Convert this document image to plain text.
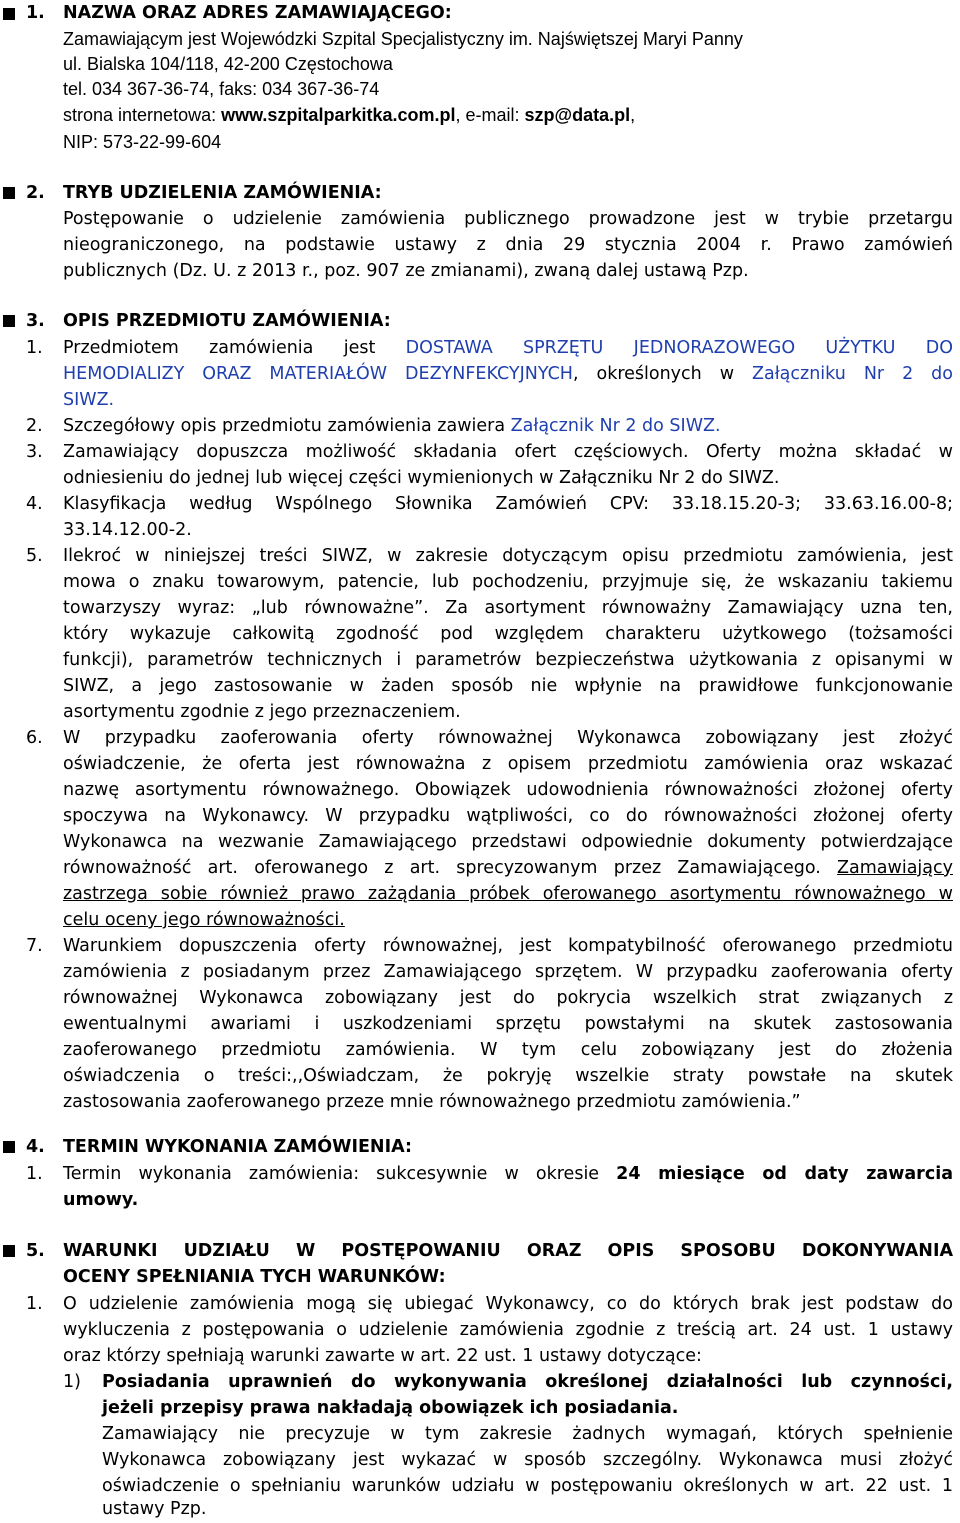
1. NAZWA ORAZ ADRES ZAMAWIAJĄCEGO:
Zamawiającym jest Wojewódzki Szpital Specjalistyczny im. Najświętszej Maryi Panny
ul. Bialska 104/118, 42-200 Częstochowa
tel. 034 367-36-74, faks: 034 367-36-74
strona internetowa: www.szpitalparkitka.com.pl, e-mail: szp@data.pl,
NIP: 573-22-99-604
2. TRYB UDZIELENIA ZAMÓWIENIA:
Postępowanie o udzielenie zamówienia publicznego prowadzone jest w trybie przetargu
nieograniczonego, na podstawie ustawy z dnia 29 stycznia 2004 r. Prawo zamówień
publicznych (Dz. U. z 2013 r., poz. 907 ze zmianami), zwaną dalej ustawą Pzp.
3. OPIS PRZEDMIOTU ZAMÓWIENIA:
1. Przedmiotem zamówienia jest DOSTAWA SPRZĘTU JEDNORAZOWEGO UŻYTKU DO
HEMODIALIZY ORAZ MATERIAŁÓW DEZYNFEKCYJNYCH, określonych w Załączniku Nr 2 do
SIWZ.
2. Szczegółowy opis przedmiotu zamówienia zawiera Załącznik Nr 2 do SIWZ.
3. Zamawiający dopuszcza możliwość składania ofert częściowych. Oferty można składać w
odniesieniu do jednej lub więcej części wymienionych w Załączniku Nr 2 do SIWZ.
4. Klasyfikacja według Wspólnego Słownika Zamówień CPV: 33.18.15.20-3; 33.63.16.00-8;
33.14.12.00-2.
5. Ilekroć w niniejszej treści SIWZ, w zakresie dotyczącym opisu przedmiotu zamówienia, jest
mowa o znaku towarowym, patencie, lub pochodzeniu, przyjmuje się, że wskazaniu takiemu
towarzyszy wyraz: „lub równoważne”. Za asortyment równoważny Zamawiający uzna ten,
który wykazuje całkowitą zgodność pod względem charakteru użytkowego (tożsamości
funkcji), parametrów technicznych i parametrów bezpieczeństwa użytkowania z opisanymi w
SIWZ, a jego zastosowanie w żaden sposób nie wpłynie na prawidłowe funkcjonowanie
asortymentu zgodnie z jego przeznaczeniem.
6. W przypadku zaoferowania oferty równoważnej Wykonawca zobowiązany jest złożyć
oświadczenie, że oferta jest równoważna z opisem przedmiotu zamówienia oraz wskazać
nazwę asortymentu równoważnego. Obowiązek udowodnienia równoważności złożonej oferty
spoczywa na Wykonawcy. W przypadku wątpliwości, co do równoważności złożonej oferty
Wykonawca na wezwanie Zamawiającego przedstawi odpowiednie dokumenty potwierdzające
równoważność art. oferowanego z art. sprecyzowanym przez Zamawiającego. Zamawiający
zastrzega sobie również prawo zażądania próbek oferowanego asortymentu równoważnego w
celu oceny jego równoważności.
7. Warunkiem dopuszczenia oferty równoważnej, jest kompatybilność oferowanego przedmiotu
zamówienia z posiadanym przez Zamawiającego sprzętem. W przypadku zaoferowania oferty
równoważnej Wykonawca zobowiązany jest do pokrycia wszelkich strat związanych z
ewentualnymi awariami i uszkodzeniami sprzętu powstałymi na skutek zastosowania
zaoferowanego przedmiotu zamówienia. W tym celu zobowiązany jest do złożenia
oświadczenia o treści:,,Oświadczam, że pokryję wszelkie straty powstałe na skutek
zastosowania zaoferowanego przeze mnie równoważnego przedmiotu zamówienia.”
4. TERMIN WYKONANIA ZAMÓWIENIA:
1. Termin wykonania zamówienia: sukcesywnie w okresie 24 miesiące od daty zawarcia
umowy.
5. WARUNKI UDZIAŁU W POSTĘPOWANIU ORAZ OPIS SPOSOBU DOKONYWANIA
OCENY SPEŁNIANIA TYCH WARUNKÓW:
1. O udzielenie zamówienia mogą się ubiegać Wykonawcy, co do których brak jest podstaw do
wykluczenia z postępowania o udzielenie zamówienia zgodnie z treścią art. 24 ust. 1 ustawy
oraz którzy spełniają warunki zawarte w art. 22 ust. 1 ustawy dotyczące:
1) Posiadania uprawnień do wykonywania określonej działalności lub czynności,
jeżeli przepisy prawa nakładają obowiązek ich posiadania.
Zamawiający nie precyzuje w tym zakresie żadnych wymagań, których spełnienie
Wykonawca zobowiązany jest wykazać w sposób szczególny. Wykonawca musi złożyć
oświadczenie o spełnianiu warunków udziału w postępowaniu określonych w art. 22 ust. 1
ustawy Pzp.
